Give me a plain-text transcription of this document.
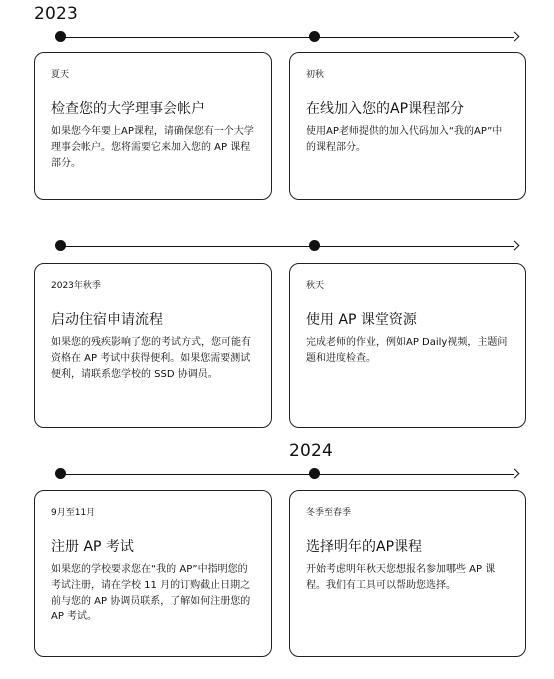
2023
夏天
检查您的大学理事会帐户
如果您今年要上AP课程，请确保您有一个大学理事会帐户。您将需要它来加入您的 AP 课程部分。
初秋
在线加入您的AP课程部分
使用AP老师提供的加入代码加入“我的AP”中的课程部分。
2023年秋季
启动住宿申请流程
如果您的残疾影响了您的考试方式，您可能有资格在 AP 考试中获得便利。如果您需要测试便利，请联系您学校的 SSD 协调员。
秋天
使用 AP 课堂资源
完成老师的作业，例如AP Daily视频，主题问题和进度检查。
2024
9月至11月
注册 AP 考试
如果您的学校要求您在“我的 AP”中指明您的考试注册，请在学校 11 月的订购截止日期之前与您的 AP 协调员联系，了解如何注册您的 AP 考试。
冬季至春季
选择明年的AP课程
开始考虑明年秋天您想报名参加哪些 AP 课程。我们有工具可以帮助您选择。
